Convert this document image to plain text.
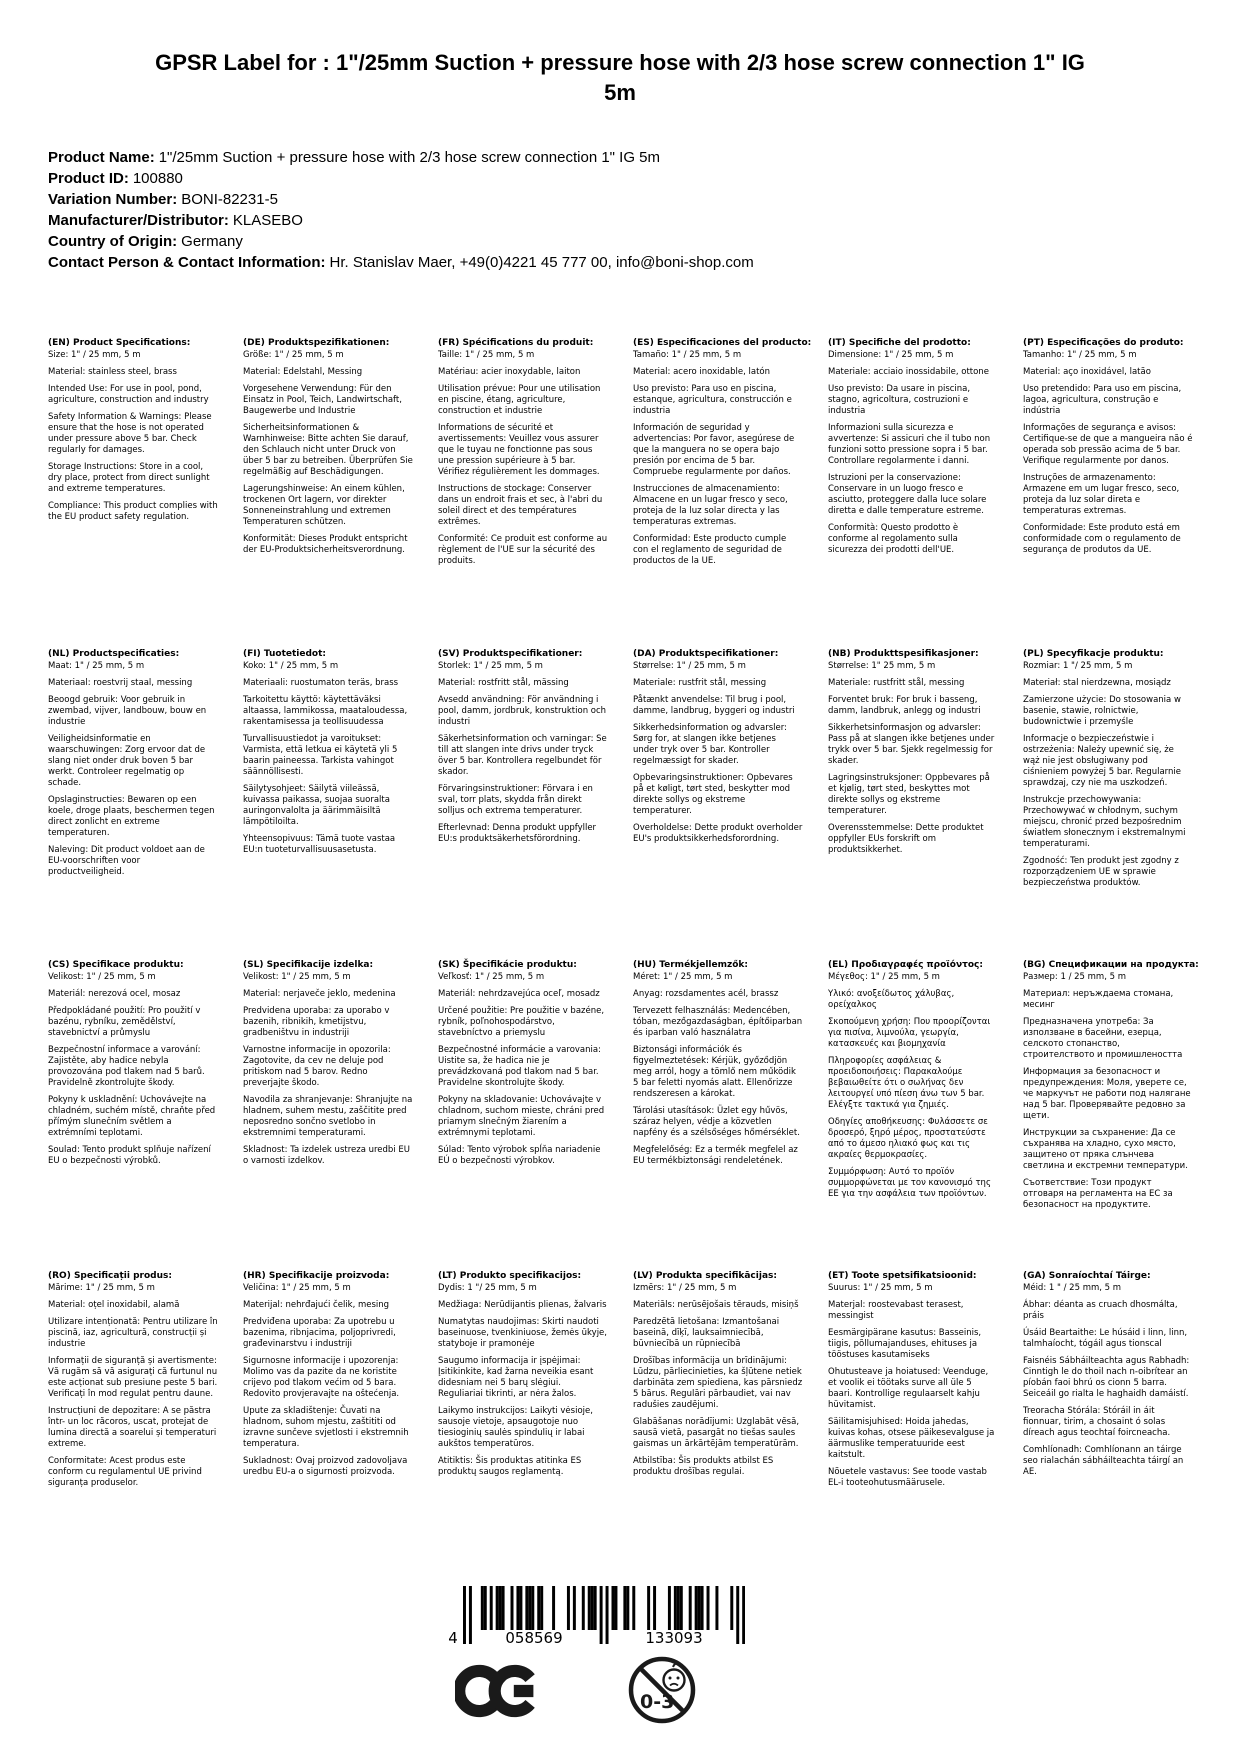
GPSR Label for : 1"/25mm Suction + pressure hose with 2/3 hose screw connection 1" IG 5m
Product Name: 1"/25mm Suction + pressure hose with 2/3 hose screw connection 1" IG 5m
Product ID: 100880
Variation Number: BONI-82231-5
Manufacturer/Distributor: KLASEBO
Country of Origin: Germany
Contact Person & Contact Information: Hr. Stanislav Maer, +49(0)4221 45 777 00, info@boni-shop.com
(EN) Product Specifications:

Size: 1" / 25 mm, 5 m

Material: stainless steel, brass

Intended Use: For use in pool, pond, agriculture, construction and industry

Safety Information & Warnings: Please ensure that the hose is not operated under pressure above 5 bar. Check regularly for damages.

Storage Instructions: Store in a cool, dry place, protect from direct sunlight and extreme temperatures.

Compliance: This product complies with the EU product safety regulation.

(DE) Produktspezifikationen:

Größe: 1" / 25 mm, 5 m

Material: Edelstahl, Messing

Vorgesehene Verwendung: Für den Einsatz in Pool, Teich, Landwirtschaft, Baugewerbe und Industrie

Sicherheitsinformationen & Warnhinweise: Bitte achten Sie darauf, den Schlauch nicht unter Druck von über 5 bar zu betreiben. Überprüfen Sie regelmäßig auf Beschädigungen.

Lagerungshinweise: An einem kühlen, trockenen Ort lagern, vor direkter Sonneneinstrahlung und extremen Temperaturen schützen.

Konformität: Dieses Produkt entspricht der EU-Produktsicherheitsverordnung.

(FR) Spécifications du produit:

Taille: 1" / 25 mm, 5 m

Matériau: acier inoxydable, laiton

Utilisation prévue: Pour une utilisation en piscine, étang, agriculture, construction et industrie

Informations de sécurité et avertissements: Veuillez vous assurer que le tuyau ne fonctionne pas sous une pression supérieure à 5 bar. Vérifiez régulièrement les dommages.

Instructions de stockage: Conserver dans un endroit frais et sec, à l'abri du soleil direct et des températures extrêmes.

Conformité: Ce produit est conforme au règlement de l'UE sur la sécurité des produits.

(ES) Especificaciones del producto:

Tamaño: 1" / 25 mm, 5 m

Material: acero inoxidable, latón

Uso previsto: Para uso en piscina, estanque, agricultura, construcción e industria

Información de seguridad y advertencias: Por favor, asegúrese de que la manguera no se opera bajo presión por encima de 5 bar. Compruebe regularmente por daños.

Instrucciones de almacenamiento: Almacene en un lugar fresco y seco, proteja de la luz solar directa y las temperaturas extremas.

Conformidad: Este producto cumple con el reglamento de seguridad de productos de la UE.

(IT) Specifiche del prodotto:

Dimensione: 1" / 25 mm, 5 m

Materiale: acciaio inossidabile, ottone

Uso previsto: Da usare in piscina, stagno, agricoltura, costruzioni e industria

Informazioni sulla sicurezza e avvertenze: Si assicuri che il tubo non funzioni sotto pressione sopra i 5 bar. Controllare regolarmente i danni.

Istruzioni per la conservazione: Conservare in un luogo fresco e asciutto, proteggere dalla luce solare diretta e dalle temperature estreme.

Conformità: Questo prodotto è conforme al regolamento sulla sicurezza dei prodotti dell'UE.

(PT) Especificações do produto:

Tamanho: 1" / 25 mm, 5 m

Material: aço inoxidável, latão

Uso pretendido: Para uso em piscina, lagoa, agricultura, construção e indústria

Informações de segurança e avisos: Certifique-se de que a mangueira não é operada sob pressão acima de 5 bar. Verifique regularmente por danos.

Instruções de armazenamento: Armazene em um lugar fresco, seco, proteja da luz solar direta e temperaturas extremas.

Conformidade: Este produto está em conformidade com o regulamento de segurança de produtos da UE.

(NL) Productspecificaties:

Maat: 1" / 25 mm, 5 m

Materiaal: roestvrij staal, messing

Beoogd gebruik: Voor gebruik in zwembad, vijver, landbouw, bouw en industrie

Veiligheidsinformatie en waarschuwingen: Zorg ervoor dat de slang niet onder druk boven 5 bar werkt. Controleer regelmatig op schade.

Opslaginstructies: Bewaren op een koele, droge plaats, beschermen tegen direct zonlicht en extreme temperaturen.

Naleving: Dit product voldoet aan de EU-voorschriften voor productveiligheid.

(FI) Tuotetiedot:

Koko: 1" / 25 mm, 5 m

Materiaali: ruostumaton teräs, brass

Tarkoitettu käyttö: käytettäväksi altaassa, lammikossa, maataloudessa, rakentamisessa ja teollisuudessa

Turvallisuustiedot ja varoitukset: Varmista, että letkua ei käytetä yli 5 baarin paineessa. Tarkista vahingot säännöllisesti.

Säilytysohjeet: Säilytä viileässä, kuivassa paikassa, suojaa suoralta auringonvalolta ja äärimmäisiltä lämpötiloilta.

Yhteensopivuus: Tämä tuote vastaa EU:n tuoteturvallisuusasetusta.

(SV) Produktspecifikationer:

Storlek: 1" / 25 mm, 5 m

Material: rostfritt stål, mässing

Avsedd användning: För användning i pool, damm, jordbruk, konstruktion och industri

Säkerhetsinformation och varningar: Se till att slangen inte drivs under tryck över 5 bar. Kontrollera regelbundet för skador.

Förvaringsinstruktioner: Förvara i en sval, torr plats, skydda från direkt solljus och extrema temperaturer.

Efterlevnad: Denna produkt uppfyller EU:s produktsäkerhetsförordning.

(DA) Produktspecifikationer:

Størrelse: 1" / 25 mm, 5 m

Materiale: rustfrit stål, messing

Påtænkt anvendelse: Til brug i pool, damme, landbrug, byggeri og industri

Sikkerhedsinformation og advarsler: Sørg for, at slangen ikke betjenes under tryk over 5 bar. Kontroller regelmæssigt for skader.

Opbevaringsinstruktioner: Opbevares på et køligt, tørt sted, beskytter mod direkte sollys og ekstreme temperaturer.

Overholdelse: Dette produkt overholder EU's produktsikkerhedsforordning.

(NB) Produkttspesifikasjoner:

Størrelse: 1" 25 mm, 5 m

Materiale: rustfritt stål, messing

Forventet bruk: For bruk i basseng, damm, landbruk, anlegg og industri

Sikkerhetsinformasjon og advarsler: Pass på at slangen ikke betjenes under trykk over 5 bar. Sjekk regelmessig for skader.

Lagringsinstruksjoner: Oppbevares på et kjølig, tørt sted, beskyttes mot direkte sollys og ekstreme temperaturer.

Overensstemmelse: Dette produktet oppfyller EUs forskrift om produktsikkerhet.

(PL) Specyfikacje produktu:

Rozmiar: 1 "/ 25 mm, 5 m

Materiał: stal nierdzewna, mosiądz

Zamierzone użycie: Do stosowania w basenie, stawie, rolnictwie, budownictwie i przemyśle

Informacje o bezpieczeństwie i ostrzeżenia: Należy upewnić się, że wąż nie jest obsługiwany pod ciśnieniem powyżej 5 bar. Regularnie sprawdzaj, czy nie ma uszkodzeń.

Instrukcje przechowywania: Przechowywać w chłodnym, suchym miejscu, chronić przed bezpośrednim światłem słonecznym i ekstremalnymi temperaturami.

Zgodność: Ten produkt jest zgodny z rozporządzeniem UE w sprawie bezpieczeństwa produktów.

(CS) Specifikace produktu:

Velikost: 1" / 25 mm, 5 m

Materiál: nerezová ocel, mosaz

Předpokládané použití: Pro použití v bazénu, rybníku, zemědělství, stavebnictví a průmyslu

Bezpečnostní informace a varování: Zajistěte, aby hadice nebyla provozována pod tlakem nad 5 barů. Pravidelně zkontrolujte škody.

Pokyny k uskladnění: Uchovávejte na chladném, suchém místě, chraňte před přímým slunečním světlem a extrémními teplotami.

Soulad: Tento produkt splňuje nařízení EU o bezpečnosti výrobků.

(SL) Specifikacije izdelka:

Velikost: 1" / 25 mm, 5 m

Material: nerjaveče jeklo, medenina

Predvidena uporaba: za uporabo v bazenih, ribnikih, kmetijstvu, gradbeništvu in industriji

Varnostne informacije in opozorila: Zagotovite, da cev ne deluje pod pritiskom nad 5 barov. Redno preverjajte škodo.

Navodila za shranjevanje: Shranjujte na hladnem, suhem mestu, zaščitite pred neposredno sončno svetlobo in ekstremnimi temperaturami.

Skladnost: Ta izdelek ustreza uredbi EU o varnosti izdelkov.

(SK) Špecifikácie produktu:

Veľkosť: 1" / 25 mm, 5 m

Materiál: nehrdzavejúca oceľ, mosadz

Určené použitie: Pre použitie v bazéne, rybník, poľnohospodárstvo, stavebníctvo a priemyslu

Bezpečnostné informácie a varovania: Uistite sa, že hadica nie je prevádzkovaná pod tlakom nad 5 bar. Pravidelne skontrolujte škody.

Pokyny na skladovanie: Uchovávajte v chladnom, suchom mieste, chráni pred priamym slnečným žiarením a extrémnymi teplotami.

Súlad: Tento výrobok spĺňa nariadenie EÚ o bezpečnosti výrobkov.

(HU) Termékjellemzők:

Méret: 1" / 25 mm, 5 m

Anyag: rozsdamentes acél, brassz

Tervezett felhasználás: Medencében, tóban, mezőgazdaságban, építőiparban és iparban való használatra

Biztonsági információk és figyelmeztetések: Kérjük, győződjön meg arról, hogy a tömlő nem működik 5 bar feletti nyomás alatt. Ellenőrizze rendszeresen a károkat.

Tárolási utasítások: Üzlet egy hűvös, száraz helyen, védje a közvetlen napfény és a szélsőséges hőmérséklet.

Megfelelőség: Ez a termék megfelel az EU termékbiztonsági rendeletének.

(EL) Προδιαγραφές προϊόντος:

Μέγεθος: 1" / 25 mm, 5 m

Υλικό: ανοξείδωτος χάλυβας, ορείχαλκος

Σκοπούμενη χρήση: Που προορίζονται για πισίνα, λιμνούλα, γεωργία, κατασκευές και βιομηχανία

Πληροφορίες ασφάλειας & προειδοποιήσεις: Παρακαλούμε βεβαιωθείτε ότι ο σωλήνας δεν λειτουργεί υπό πίεση άνω των 5 bar. Ελέγξτε τακτικά για ζημιές.

Οδηγίες αποθήκευσης: Φυλάσσετε σε δροσερό, ξηρό μέρος, προστατεύστε από το άμεσο ηλιακό φως και τις ακραίες θερμοκρασίες.

Συμμόρφωση: Αυτό το προϊόν συμμορφώνεται με τον κανονισμό της ΕΕ για την ασφάλεια των προϊόντων.

(BG) Спецификации на продукта:

Размер: 1 / 25 mm, 5 m

Материал: неръждаема стомана, месинг

Предназначена употреба: За използване в басейни, езерца, селското стопанство, строителството и промишлеността

Информация за безопасност и предупреждения: Моля, уверете се, че маркучът не работи под налягане над 5 bar. Проверявайте редовно за щети.

Инструкции за съхранение: Да се съхранява на хладно, сухо място, защитено от пряка слънчева светлина и екстремни температури.

Съответствие: Този продукт отговаря на регламента на ЕС за безопасност на продуктите.

(RO) Specificații produs:

Mărime: 1" / 25 mm, 5 m

Material: oțel inoxidabil, alamă

Utilizare intenționată: Pentru utilizare în piscină, iaz, agricultură, construcții și industrie

Informații de siguranță și avertismente: Vă rugăm să vă asigurați că furtunul nu este acționat sub presiune peste 5 bari. Verificați în mod regulat pentru daune.

Instrucțiuni de depozitare: A se păstra într- un loc răcoros, uscat, protejat de lumina directă a soarelui și temperaturi extreme.

Conformitate: Acest produs este conform cu regulamentul UE privind siguranța produselor.

(HR) Specifikacije proizvoda:

Veličina: 1" / 25 mm, 5 m

Materijal: nehrđajući čelik, mesing

Predviđena uporaba: Za upotrebu u bazenima, ribnjacima, poljoprivredi, građevinarstvu i industriji

Sigurnosne informacije i upozorenja: Molimo vas da pazite da ne koristite crijevo pod tlakom većim od 5 bara. Redovito provjeravajte na oštećenja.

Upute za skladištenje: Čuvati na hladnom, suhom mjestu, zaštititi od izravne sunčeve svjetlosti i ekstremnih temperatura.

Sukladnost: Ovaj proizvod zadovoljava uredbu EU-a o sigurnosti proizvoda.

(LT) Produkto specifikacijos:

Dydis: 1 "/ 25 mm, 5 m

Medžiaga: Nerūdijantis plienas, žalvaris

Numatytas naudojimas: Skirti naudoti baseinuose, tvenkiniuose, žemės ūkyje, statyboje ir pramonėje

Saugumo informacija ir įspėjimai: Įsitikinkite, kad žarna neveikia esant didesniam nei 5 barų slėgiui. Reguliariai tikrinti, ar nėra žalos.

Laikymo instrukcijos: Laikyti vėsioje, sausoje vietoje, apsaugotoje nuo tiesioginių saulės spindulių ir labai aukštos temperatūros.

Atitiktis: Šis produktas atitinka ES produktų saugos reglamentą.

(LV) Produkta specifikācijas:

Izmērs: 1" / 25 mm, 5 m

Materiāls: nerūsējošais tērauds, misiņš

Paredzētā lietošana: Izmantošanai baseinā, dīķī, lauksaimniecībā, būvniecībā un rūpniecībā

Drošības informācija un brīdinājumi: Lūdzu, pārliecinieties, ka šļūtene netiek darbināta zem spiediena, kas pārsniedz 5 bārus. Regulāri pārbaudiet, vai nav radušies zaudējumi.

Glabāšanas norādījumi: Uzglabāt vēsā, sausā vietā, pasargāt no tiešas saules gaismas un ārkārtējām temperatūrām.

Atbilstība: Šis produkts atbilst ES produktu drošības regulai.

(ET) Toote spetsifikatsioonid:

Suurus: 1" / 25 mm, 5 m

Materjal: roostevabast terasest, messingist

Eesmärgipärane kasutus: Basseinis, tiigis, põllumajanduses, ehituses ja tööstuses kasutamiseks

Ohutusteave ja hoiatused: Veenduge, et voolik ei töötaks surve all üle 5 baari. Kontrollige regulaarselt kahju hüvitamist.

Säilitamisjuhised: Hoida jahedas, kuivas kohas, otsese päikesevalguse ja äärmuslike temperatuuride eest kaitstult.

Nõuetele vastavus: See toode vastab EL-i tooteohutusmäärusele.

(GA) Sonraíochtaí Táirge:

Méid: 1 " / 25 mm, 5 m

Ábhar: déanta as cruach dhosmálta, práis

Úsáid Beartaithe: Le húsáid i linn, linn, talmhaíocht, tógáil agus tionscal

Faisnéis Sábháilteachta agus Rabhadh: Cinntigh le do thoil nach n-oibrítear an píobán faoi bhrú os cionn 5 barra. Seiceáil go rialta le haghaidh damáistí.

Treoracha Stórála: Stóráil in áit fionnuar, tirim, a chosaint ó solas díreach agus teochtaí foircneacha.

Comhlíonadh: Comhlíonann an táirge seo rialachán sábháilteachta táirgí an AE.

4	058569	133093
0-3
